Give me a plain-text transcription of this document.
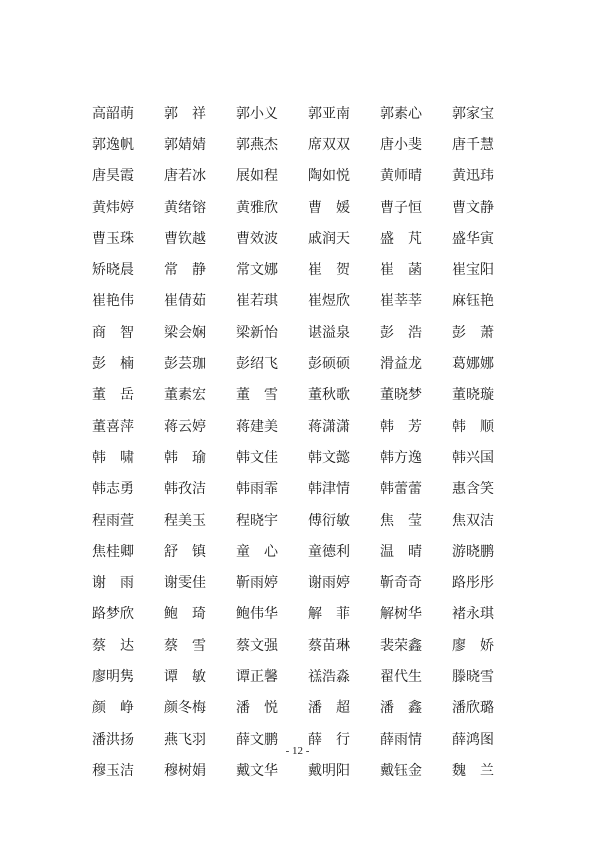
高韶萌	郭　祥	郭小义	郭亚南	郭素心	郭家宝
郭逸帆	郭婧婧	郭燕杰	席双双	唐小斐	唐千慧
唐昊霞	唐若冰	展如程	陶如悦	黄师晴	黄迅玮
黄炜婷	黄绪镕	黄雅欣	曹　媛	曹子恒	曹文静
曹玉珠	曹钦越	曹效波	戚润天	盛　芃	盛华寅
矫晓晨	常　静	常文娜	崔　贺	崔　菡	崔宝阳
崔艳伟	崔倩茹	崔若琪	崔煜欣	崔莘莘	麻钰艳
商　智	梁会娴	梁新怡	谌溢泉	彭　浩	彭　萧
彭　楠	彭芸珈	彭绍飞	彭硕硕	滑益龙	葛娜娜
董　岳	董素宏	董　雪	董秋歌	董晓梦	董晓璇
董喜萍	蒋云婷	蒋建美	蒋潇潇	韩　芳	韩　顺
韩　啸	韩　瑜	韩文佳	韩文懿	韩方逸	韩兴国
韩志勇	韩孜洁	韩雨霏	韩津情	韩蕾蕾	惠含笑
程雨萱	程美玉	程晓宇	傅衍敏	焦　莹	焦双洁
焦桂卿	舒　镇	童　心	童德利	温　晴	游晓鹏
谢　雨	谢雯佳	靳雨婷	谢雨婷	靳奇奇	路彤彤
路梦欣	鲍　琦	鲍伟华	解　菲	解树华	褚永琪
蔡　达	蔡　雪	蔡文强	蔡苗琳	裴荣鑫	廖　娇
廖明隽	谭　敏	谭正馨	禚浩淼	翟代生	滕晓雪
颜　峥	颜冬梅	潘　悦	潘　超	潘　鑫	潘欣璐
潘洪扬	燕飞羽	薛文鹏	薛　行	薛雨情	薛鸿图
穆玉洁	穆树娟	戴文华	戴明阳	戴钰金	魏　兰
- 12 -
